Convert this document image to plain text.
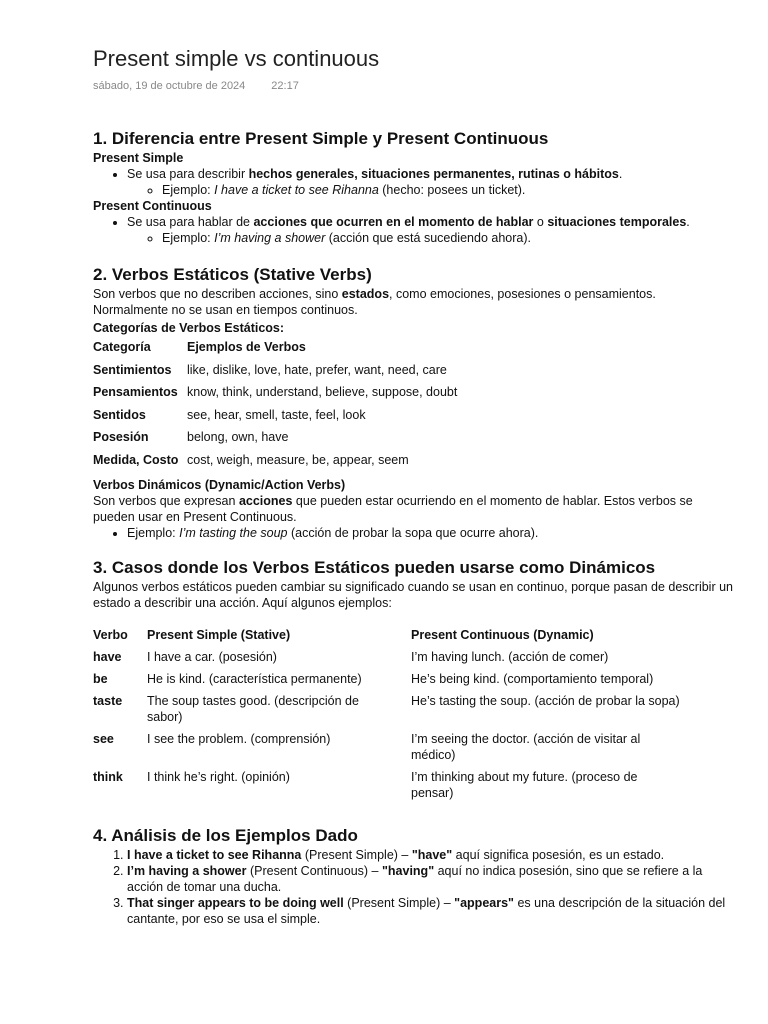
Present simple vs continuous
sábado, 19 de octubre de 2024 22:17
1. Diferencia entre Present Simple y Present Continuous

Present Simple

• Se usa para describir hechos generales, situaciones permanentes, rutinas o hábitos.
◦ Ejemplo: I have a ticket to see Rihanna (hecho: posees un ticket).

Present Continuous

• Se usa para hablar de acciones que ocurren en el momento de hablar o situaciones temporales.
◦ Ejemplo: I’m having a shower (acción que está sucediendo ahora).
2. Verbos Estáticos (Stative Verbs)

Son verbos que no describen acciones, sino estados, como emociones, posesiones o pensamientos. Normalmente no se usan en tiempos continuos.

Categorías de Verbos Estáticos:

Categoría	Ejemplos de Verbos
Sentimientos	like, dislike, love, hate, prefer, want, need, care
Pensamientos	know, think, understand, believe, suppose, doubt
Sentidos	see, hear, smell, taste, feel, look
Posesión	belong, own, have
Medida, Costo	cost, weigh, measure, be, appear, seem

Verbos Dinámicos (Dynamic/Action Verbs)

Son verbos que expresan acciones que pueden estar ocurriendo en el momento de hablar. Estos verbos se pueden usar en Present Continuous.

• Ejemplo: I’m tasting the soup (acción de probar la sopa que ocurre ahora).
3. Casos donde los Verbos Estáticos pueden usarse como Dinámicos

Algunos verbos estáticos pueden cambiar su significado cuando se usan en continuo, porque pasan de describir un estado a describir una acción. Aquí algunos ejemplos:

Verbo	Present Simple (Stative)	Present Continuous (Dynamic)
have	I have a car. (posesión)	I’m having lunch. (acción de comer)
be	He is kind. (característica permanente)	He’s being kind. (comportamiento temporal)
taste	The soup tastes good. (descripción de sabor)	He’s tasting the soup. (acción de probar la sopa)
see	I see the problem. (comprensión)	I’m seeing the doctor. (acción de visitar al médico)
think	I think he’s right. (opinión)	I’m thinking about my future. (proceso de pensar)
4. Análisis de los Ejemplos Dado
1. I have a ticket to see Rihanna (Present Simple) – "have" aquí significa posesión, es un estado.
2. I’m having a shower (Present Continuous) – "having" aquí no indica posesión, sino que se refiere a la acción de tomar una ducha.
3. That singer appears to be doing well (Present Simple) – "appears" es una descripción de la situación del cantante, por eso se usa el simple.
